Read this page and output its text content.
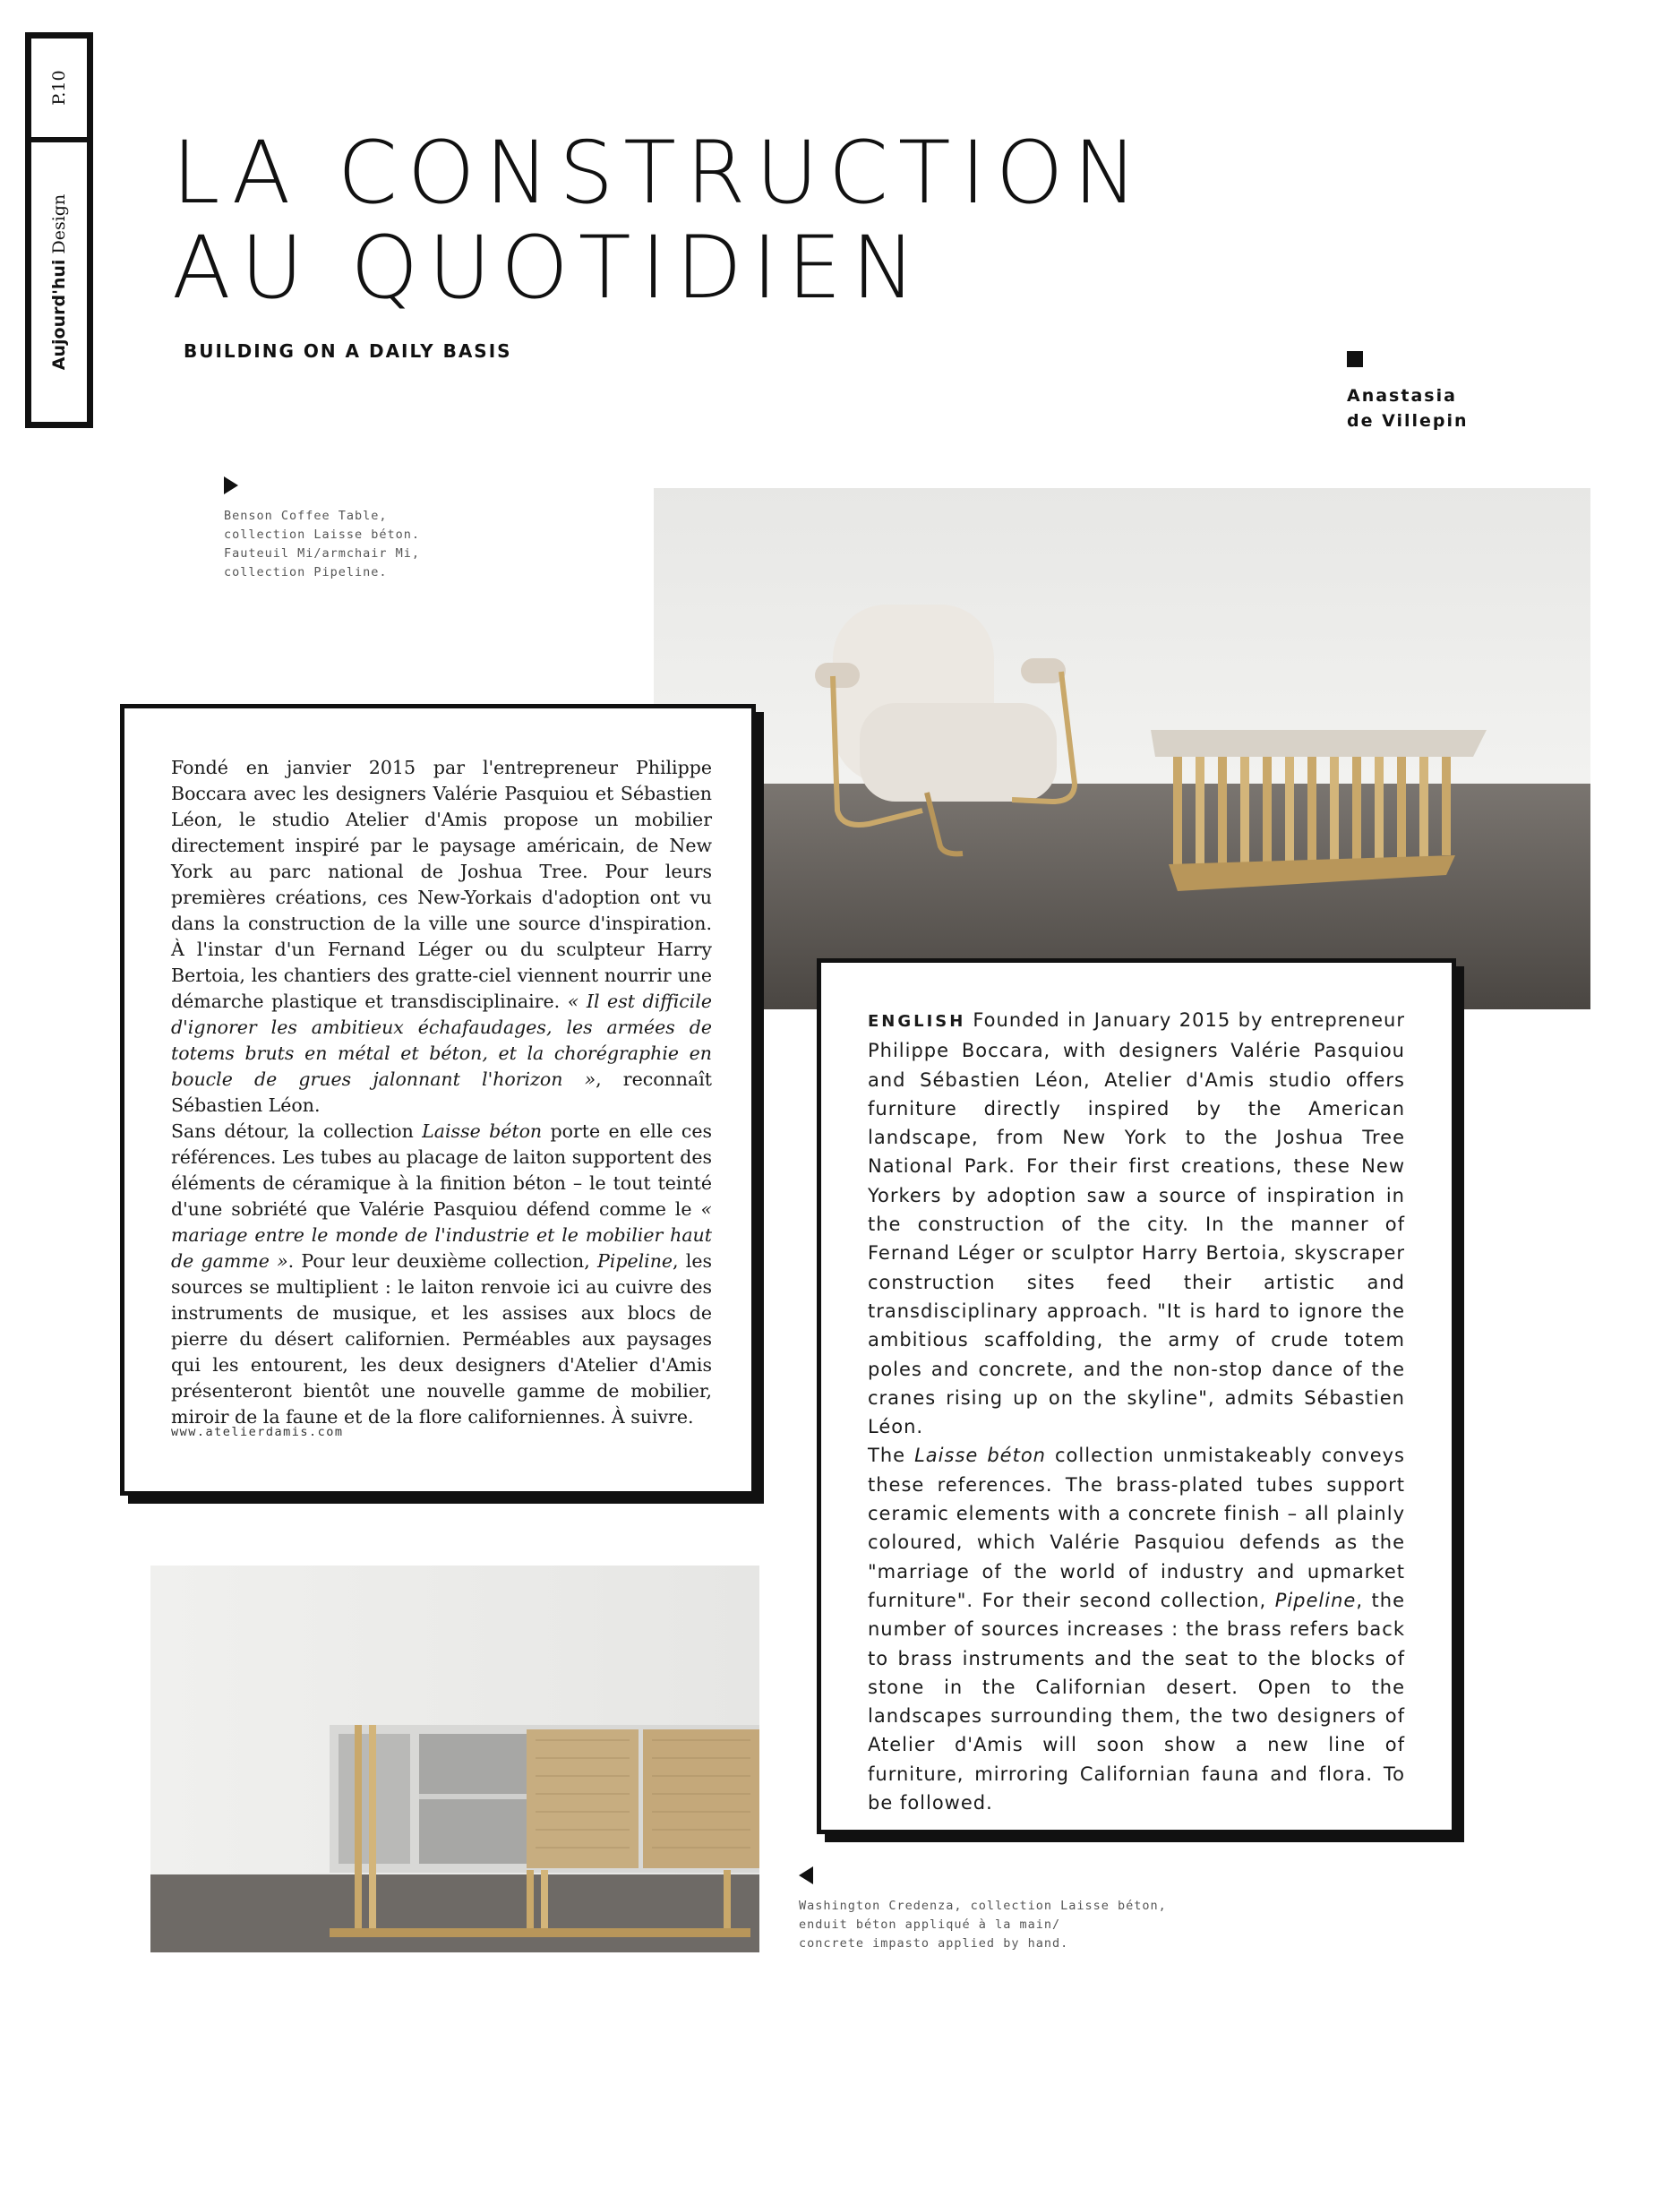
P.10
Aujourd'hui Design
LA CONSTRUCTION
AU QUOTIDIEN
BUILDING ON A DAILY BASIS
Anastasia
de Villepin
Benson Coffee Table,
collection Laisse béton.
Fauteuil Mi/armchair Mi,
collection Pipeline.

Fondé en janvier 2015 par l'entrepreneur Philippe Boccara avec les designers Valérie Pasquiou et Sébastien Léon, le studio Atelier d'Amis propose un mobilier directement inspiré par le paysage américain, de New York au parc national de Joshua Tree. Pour leurs premières créations, ces New-Yorkais d'adoption ont vu dans la construction de la ville une source d'inspiration. À l'instar d'un Fernand Léger ou du sculpteur Harry Bertoia, les chantiers des gratte-ciel viennent nourrir une démarche plastique et transdisciplinaire. « Il est difficile d'ignorer les ambitieux échafaudages, les armées de totems bruts en métal et béton, et la chorégraphie en boucle de grues jalonnant l'horizon », reconnaît Sébastien Léon.

Sans détour, la collection Laisse béton porte en elle ces références. Les tubes au placage de laiton supportent des éléments de céramique à la finition béton – le tout teinté d'une sobriété que Valérie Pasquiou défend comme le « mariage entre le monde de l'industrie et le mobilier haut de gamme ». Pour leur deuxième collection, Pipeline, les sources se multiplient : le laiton renvoie ici au cuivre des instruments de musique, et les assises aux blocs de pierre du désert californien. Perméables aux paysages qui les entourent, les deux designers d'Atelier d'Amis présenteront bientôt une nouvelle gamme de mobilier, miroir de la faune et de la flore californiennes. À suivre.

www.atelierdamis.com

ENGLISH Founded in January 2015 by entrepreneur Philippe Boccara, with designers Valérie Pasquiou and Sébastien Léon, Atelier d'Amis studio offers furniture directly inspired by the American landscape, from New York to the Joshua Tree National Park. For their first creations, these New Yorkers by adoption saw a source of inspiration in the construction of the city. In the manner of Fernand Léger or sculptor Harry Bertoia, skyscraper construction sites feed their artistic and transdisciplinary approach. "It is hard to ignore the ambitious scaffolding, the army of crude totem poles and concrete, and the non-stop dance of the cranes rising up on the skyline", admits Sébastien Léon.

The Laisse béton collection unmistakeably conveys these references. The brass-plated tubes support ceramic elements with a concrete finish – all plainly coloured, which Valérie Pasquiou defends as the "marriage of the world of industry and upmarket furniture". For their second collection, Pipeline, the number of sources increases : the brass refers back to brass instruments and the seat to the blocks of stone in the Californian desert. Open to the landscapes surrounding them, the two designers of Atelier d'Amis will soon show a new line of furniture, mirroring Californian fauna and flora. To be followed.

Washington Credenza, collection Laisse béton,
enduit béton appliqué à la main/
concrete impasto applied by hand.
